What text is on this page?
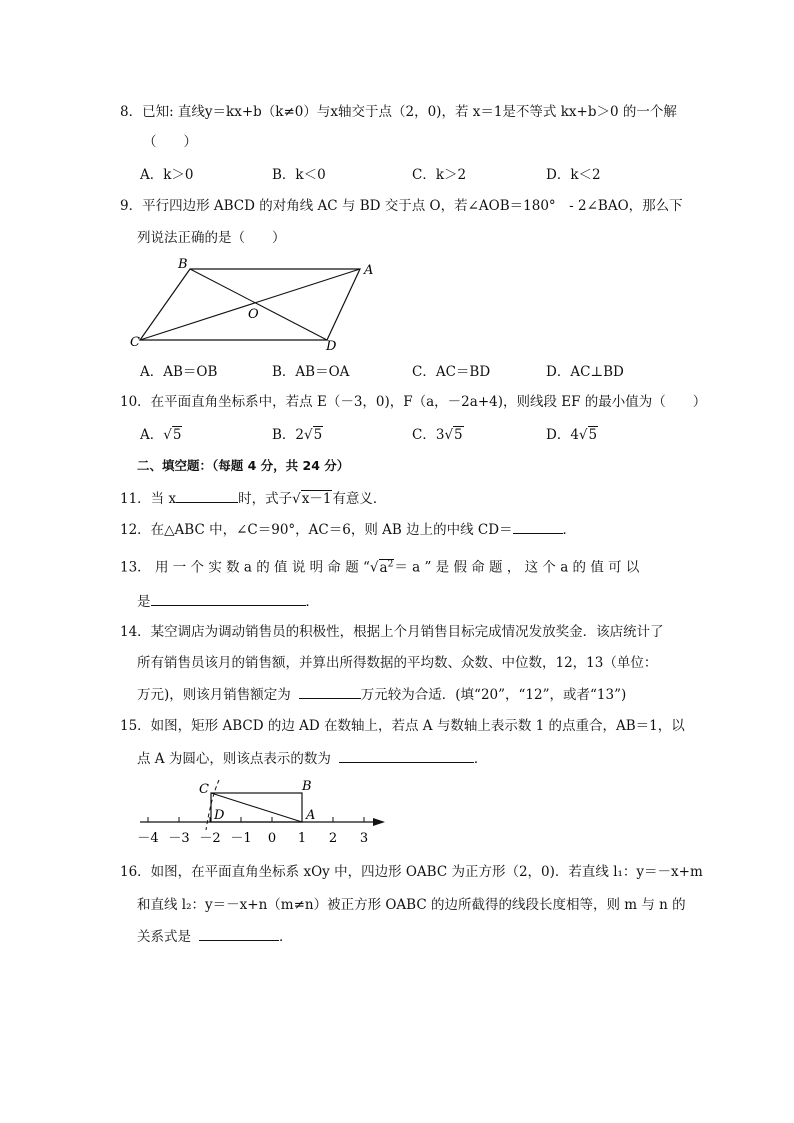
8．已知: 直线y＝kx+b（k≠0）与x轴交于点（2，0)，若 x＝1是不等式 kx+b＞0 的一个解
（　　）
A．k＞0	B．k＜0	C．k＞2	D．k＜2
9．平行四边形 ABCD 的对角线 AC 与 BD 交于点 O，若∠AOB＝180°　- 2∠BAO，那么下
列说法正确的是（　　）
B	A
C	D
O
A．AB＝OB	B．AB＝OA	C．AC＝BD	D．AC⊥BD
10．在平面直角坐标系中，若点 E（－3，0)，F（a，－2a+4)，则线段 EF 的最小值为（　　）
A．√5	B．2√5	C．3√5	D．4√5
二、填空题：（每题 4 分，共 24 分）
11．当 x	时，式子√x－1有意义．
12．在△ABC 中，∠C＝90°，AC＝6，则 AB 边上的中线 CD＝	．
13． 用 一 个 实 数 a 的 值 说 明 命 题 “$√a^2= a$ ” 是 假 命 题 ， 这 个 a 的 值 可 以
是	．
14．某空调店为调动销售员的积极性，根据上个月销售目标完成情况发放奖金．该店统计了
所有销售员该月的销售额，并算出所得数据的平均数、众数、中位数，12，13（单位：
万元)，则该月销售额定为	万元较为合适．(填“20”，“12”，或者“13”)
15．如图，矩形 ABCD 的边 AD 在数轴上，若点 A 与数轴上表示数 1 的点重合，AB＝1，以
点 A 为圆心，则该点表示的数为	．
C	B
D	A
－4 －3 －2 －1 0 1 2 3
16．如图，在平面直角坐标系 xOy 中，四边形 OABC 为正方形（2，0)．若直线 l₁：y＝－x+m
和直线 l₂：y＝－x+n（m≠n）被正方形 OABC 的边所截得的线段长度相等，则 m 与 n 的
关系式是	．
